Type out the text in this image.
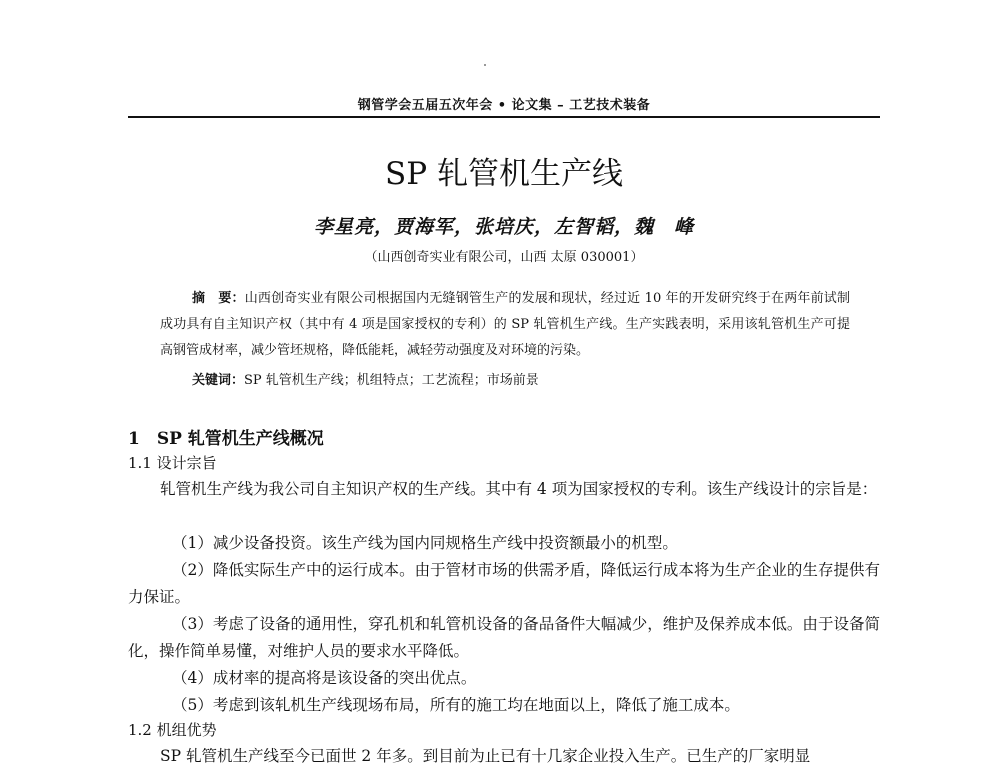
钢管学会五届五次年会 • 论文集 – 工艺技术装备
SP 轧管机生产线
李星亮，贾海军，张培庆，左智韬，魏　峰
（山西创奇实业有限公司，山西 太原 030001）
摘　要：山西创奇实业有限公司根据国内无缝钢管生产的发展和现状，经过近 10 年的开发研究终于在两年前试制成功具有自主知识产权（其中有 4 项是国家授权的专利）的 SP 轧管机生产线。生产实践表明，采用该轧管机生产可提高钢管成材率，减少管坯规格，降低能耗，减轻劳动强度及对环境的污染。
关键词：SP 轧管机生产线；机组特点；工艺流程；市场前景
1　SP 轧管机生产线概况
1.1 设计宗旨
轧管机生产线为我公司自主知识产权的生产线。其中有 4 项为国家授权的专利。该生产线设计的宗旨是：
（1）减少设备投资。该生产线为国内同规格生产线中投资额最小的机型。
（2）降低实际生产中的运行成本。由于管材市场的供需矛盾，降低运行成本将为生产企业的生存提供有力保证。
（3）考虑了设备的通用性，穿孔机和轧管机设备的备品备件大幅减少，维护及保养成本低。由于设备简化，操作简单易懂，对维护人员的要求水平降低。
（4）成材率的提高将是该设备的突出优点。
（5）考虑到该轧机生产线现场布局，所有的施工均在地面以上，降低了施工成本。
1.2 机组优势
SP 轧管机生产线至今已面世 2 年多。到目前为止已有十几家企业投入生产。已生产的厂家明显
